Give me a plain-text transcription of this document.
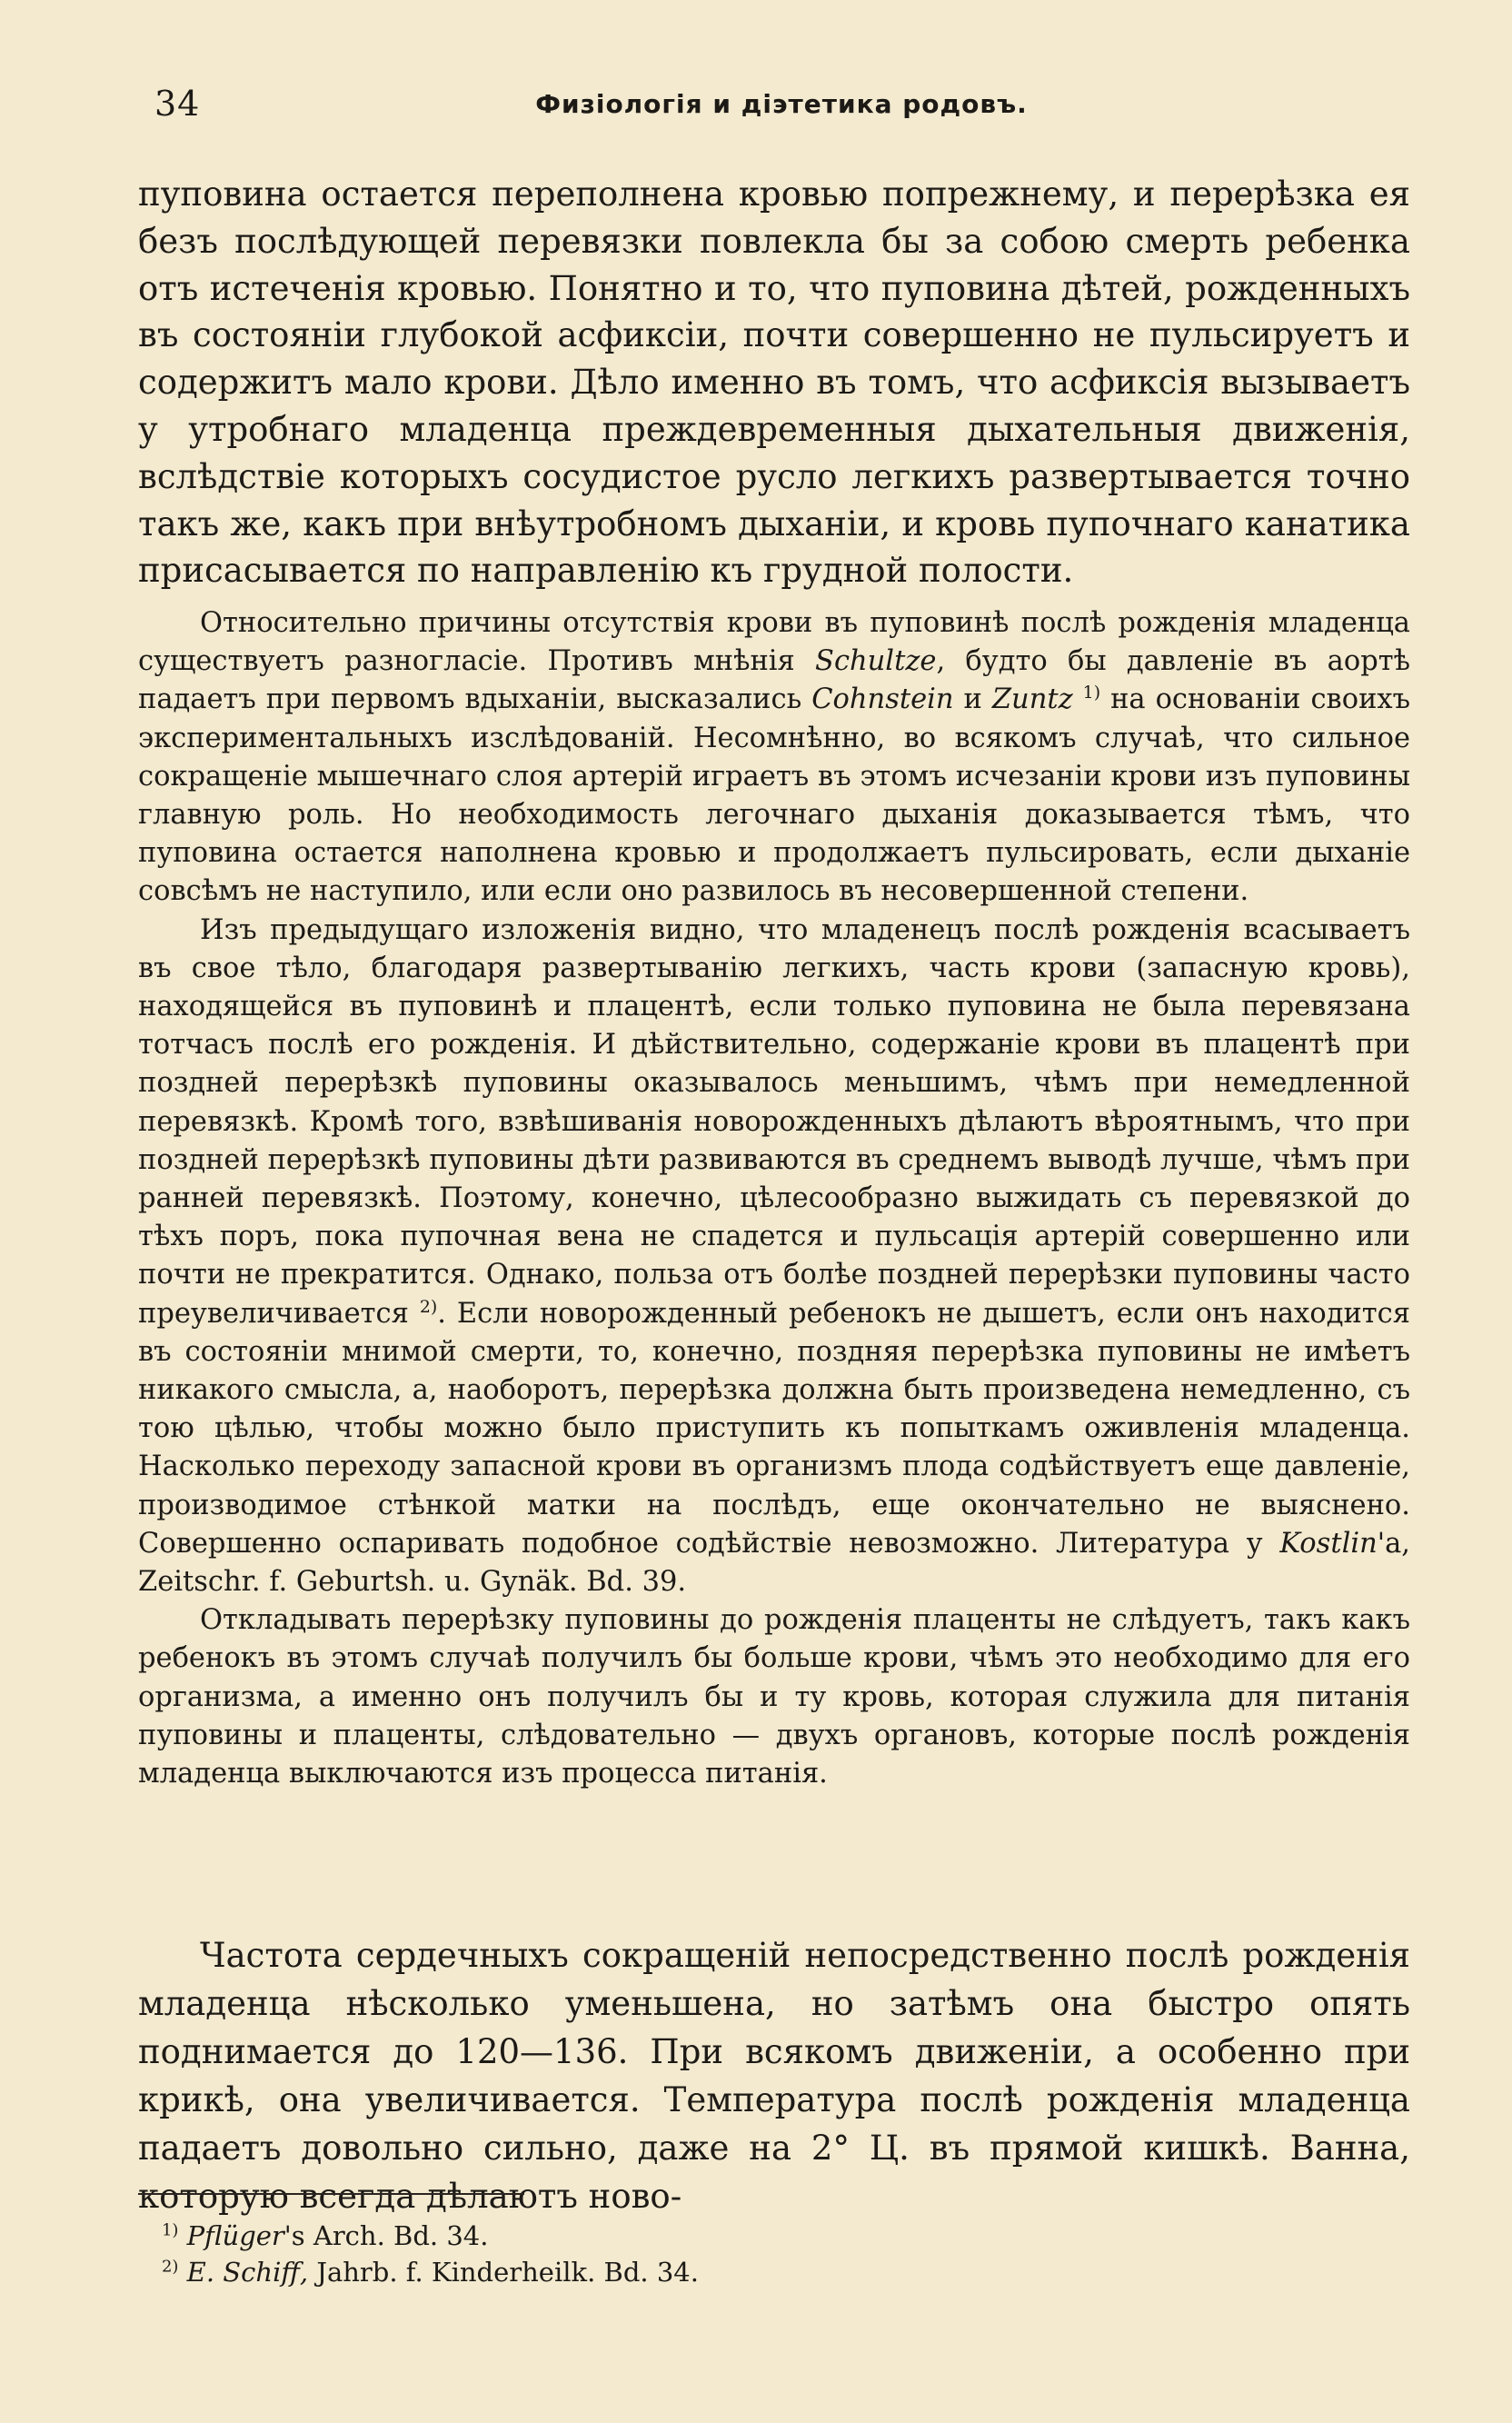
34	Физіологія и діэтетика родовъ.

пуповина остается переполнена кровью попрежнему, и перерѣзка ея безъ послѣдующей перевязки повлекла бы за собою смерть ребенка отъ истеченія кровью. Понятно и то, что пуповина дѣтей, рожденныхъ въ состояніи глубокой асфиксіи, почти совершенно не пульсируетъ и содержитъ мало крови. Дѣло именно въ томъ, что асфиксія вызываетъ у утробнаго младенца преждевременныя дыхательныя движенія, вслѣдствіе которыхъ сосудистое русло легкихъ развертывается точно такъ же, какъ при внѣутробномъ дыханіи, и кровь пупочнаго канатика присасывается по направленію къ грудной полости.

Относительно причины отсутствія крови въ пуповинѣ послѣ рожденія младенца существуетъ разногласіе. Противъ мнѣнія Schultze, будто бы давленіе въ аортѣ падаетъ при первомъ вдыханіи, высказались Cohnstein и Zuntz $^{1)}$ на основаніи своихъ экспериментальныхъ изслѣдованій. Несомнѣнно, во всякомъ случаѣ, что сильное сокращеніе мышечнаго слоя артерій играетъ въ этомъ исчезаніи крови изъ пуповины главную роль. Но необходимость легочнаго дыханія доказывается тѣмъ, что пуповина остается наполнена кровью и продолжаетъ пульсировать, если дыханіе совсѣмъ не наступило, или если оно развилось въ несовершенной степени.

Изъ предыдущаго изложенія видно, что младенецъ послѣ рожденія всасываетъ въ свое тѣло, благодаря развертыванію легкихъ, часть крови (запасную кровь), находящейся въ пуповинѣ и плацентѣ, если только пуповина не была перевязана тотчасъ послѣ его рожденія. И дѣйствительно, содержаніе крови въ плацентѣ при поздней перерѣзкѣ пуповины оказывалось меньшимъ, чѣмъ при немедленной перевязкѣ. Кромѣ того, взвѣшиванія новорожденныхъ дѣлаютъ вѣроятнымъ, что при поздней перерѣзкѣ пуповины дѣти развиваются въ среднемъ выводѣ лучше, чѣмъ при ранней перевязкѣ. Поэтому, конечно, цѣлесообразно выжидать съ перевязкой до тѣхъ поръ, пока пупочная вена не спадется и пульсація артерій совершенно или почти не прекратится. Однако, польза отъ болѣе поздней перерѣзки пуповины часто преувеличивается $^{2)}$. Если новорожденный ребенокъ не дышетъ, если онъ находится въ состояніи мнимой смерти, то, конечно, поздняя перерѣзка пуповины не имѣетъ никакого смысла, а, наоборотъ, перерѣзка должна быть произведена немедленно, съ тою цѣлью, чтобы можно было приступить къ попыткамъ оживленія младенца. Насколько переходу запасной крови въ организмъ плода содѣйствуетъ еще давленіе, производимое стѣнкой матки на послѣдъ, еще окончательно не выяснено. Совершенно оспаривать подобное содѣйствіе невозможно. Литература у Kostlin'а, Zeitschr. f. Geburtsh. u. Gynäk. Bd. 39.

Откладывать перерѣзку пуповины до рожденія плаценты не слѣдуетъ, такъ какъ ребенокъ въ этомъ случаѣ получилъ бы больше крови, чѣмъ это необходимо для его организма, а именно онъ получилъ бы и ту кровь, которая служила для питанія пуповины и плаценты, слѣдовательно — двухъ органовъ, которые послѣ рожденія младенца выключаются изъ процесса питанія.

Частота сердечныхъ сокращеній непосредственно послѣ рожденія младенца нѣсколько уменьшена, но затѣмъ она быстро опять поднимается до 120—136. При всякомъ движеніи, а особенно при крикѣ, она увеличивается. Температура послѣ рожденія младенца падаетъ довольно сильно, даже на 2° Ц. въ прямой кишкѣ. Ванна, которую всегда дѣлаютъ ново-

$^{1)}$ Pflüger's Arch. Bd. 34.

$^{2)}$ E. Schiff, Jahrb. f. Kinderheilk. Bd. 34.
